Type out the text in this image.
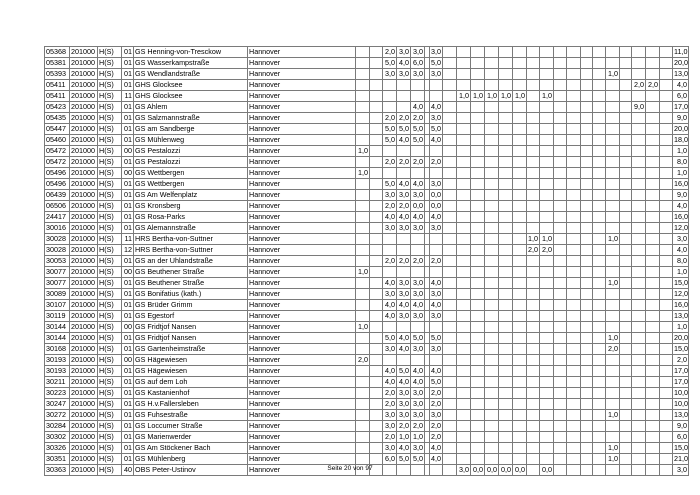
05368	201000	H(S)	01	GS Henning-von-Tresckow	Hannover			2,0	3,0	3,0		3,0																		11,0
05381	201000	H(S)	01	GS Wasserkampstraße	Hannover			5,0	4,0	6,0		5,0																		20,0
05393	201000	H(S)	01	GS Wendlandstraße	Hannover			3,0	3,0	3,0		3,0													1,0					13,0
05411	201000	H(S)	01	GHS Glocksee	Hannover																						2,0	2,0		4,0
05411	201000	H(S)	11	GHS Glocksee	Hannover									1,0	1,0	1,0	1,0	1,0		1,0										6,0
05423	201000	H(S)	01	GS Ahlem	Hannover					4,0		4,0															9,0			17,0
05435	201000	H(S)	01	GS Salzmannstraße	Hannover			2,0	2,0	2,0		3,0																		9,0
05447	201000	H(S)	01	GS am Sandberge	Hannover			5,0	5,0	5,0		5,0																		20,0
05460	201000	H(S)	01	GS Mühlenweg	Hannover			5,0	4,0	5,0		4,0																		18,0
05472	201000	H(S)	00	GS Pestalozzi	Hannover	1,0																								1,0
05472	201000	H(S)	01	GS Pestalozzi	Hannover			2,0	2,0	2,0		2,0																		8,0
05496	201000	H(S)	00	GS Wettbergen	Hannover	1,0																								1,0
05496	201000	H(S)	01	GS Wettbergen	Hannover			5,0	4,0	4,0		3,0																		16,0
06439	201000	H(S)	01	GS Am Welfenplatz	Hannover			3,0	3,0	3,0		0,0																		9,0
06506	201000	H(S)	01	GS Kronsberg	Hannover			2,0	2,0	0,0		0,0																		4,0
24417	201000	H(S)	01	GS Rosa-Parks	Hannover			4,0	4,0	4,0		4,0																		16,0
30016	201000	H(S)	01	GS Alemannstraße	Hannover			3,0	3,0	3,0		3,0																		12,0
30028	201000	H(S)	11	HRS Bertha-von-Suttner	Hannover														1,0	1,0					1,0					3,0
30028	201000	H(S)	12	HRS Bertha-von-Suttner	Hannover														2,0	2,0										4,0
30053	201000	H(S)	01	GS an der Uhlandstraße	Hannover			2,0	2,0	2,0		2,0																		8,0
30077	201000	H(S)	00	GS Beuthener Straße	Hannover	1,0																								1,0
30077	201000	H(S)	01	GS Beuthener Straße	Hannover			4,0	3,0	3,0		4,0													1,0					15,0
30089	201000	H(S)	01	GS Bonifatius (kath.)	Hannover			3,0	3,0	3,0		3,0																		12,0
30107	201000	H(S)	01	GS Brüder Grimm	Hannover			4,0	4,0	4,0		4,0																		16,0
30119	201000	H(S)	01	GS Egestorf	Hannover			4,0	3,0	3,0		3,0																		13,0
30144	201000	H(S)	00	GS Fridtjof Nansen	Hannover	1,0																								1,0
30144	201000	H(S)	01	GS Fridtjof Nansen	Hannover			5,0	4,0	5,0		5,0													1,0					20,0
30168	201000	H(S)	01	GS Gartenheimstraße	Hannover			3,0	4,0	3,0		3,0													2,0					15,0
30193	201000	H(S)	00	GS Hägewiesen	Hannover	2,0																								2,0
30193	201000	H(S)	01	GS Hägewiesen	Hannover			4,0	5,0	4,0		4,0																		17,0
30211	201000	H(S)	01	GS auf dem Loh	Hannover			4,0	4,0	4,0		5,0																		17,0
30223	201000	H(S)	01	GS Kastanienhof	Hannover			2,0	3,0	3,0		2,0																		10,0
30247	201000	H(S)	01	GS H.v.Fallersleben	Hannover			2,0	3,0	3,0		2,0																		10,0
30272	201000	H(S)	01	GS Fuhsestraße	Hannover			3,0	3,0	3,0		3,0													1,0					13,0
30284	201000	H(S)	01	GS Loccumer Straße	Hannover			3,0	2,0	2,0		2,0																		9,0
30302	201000	H(S)	01	GS Marienwerder	Hannover			2,0	1,0	1,0		2,0																		6,0
30326	201000	H(S)	01	GS Am Stöckener Bach	Hannover			3,0	4,0	3,0		4,0													1,0					15,0
30351	201000	H(S)	01	GS Mühlenberg	Hannover			6,0	5,0	5,0		4,0													1,0					21,0
30363	201000	H(S)	40	OBS Peter-Ustinov	Hannover									3,0	0,0	0,0	0,0	0,0		0,0										3,0
Seite 20 von 97
